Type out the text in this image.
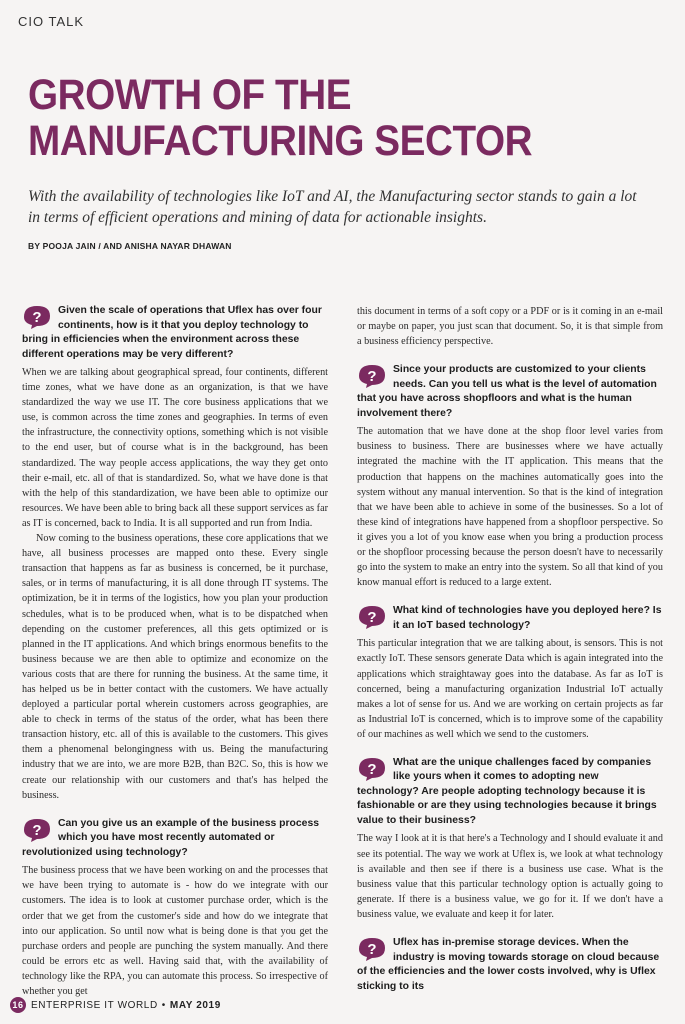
CIO TALK
GROWTH OF THE MANUFACTURING SECTOR
With the availability of technologies like IoT and AI, the Manufacturing sector stands to gain a lot in terms of efficient operations and mining of data for actionable insights.
BY POOJA JAIN / AND ANISHA NAYAR DHAWAN
? Given the scale of operations that Uflex has over four continents, how is it that you deploy technology to bring in efficiencies when the environment across these different operations may be very different?

When we are talking about geographical spread, four continents, different time zones, what we have done as an organization, is that we have standardized the way we use IT. The core business applications that we use, is common across the time zones and geographies. In terms of even the infrastructure, the connectivity options, something which is not visible to the end user, but of course what is in the background, has been standardized. The way people access applications, the way they get onto their e-mail, etc. all of that is standardized. So, what we have done is that with the help of this standardization, we have been able to optimize our resources. We have been able to bring back all these support services as far as IT is concerned, back to India. It is all supported and run from India.

Now coming to the business operations, these core applications that we have, all business processes are mapped onto these. Every single transaction that happens as far as business is concerned, be it purchase, sales, or in terms of manufacturing, it is all done through IT systems. The optimization, be it in terms of the logistics, how you plan your production schedules, what is to be produced when, what is to be dispatched when depending on the customer preferences, all this gets optimized or is planned in the IT applications. And which brings enormous benefits to the business because we are then able to optimize and economize on the various costs that are there for running the business. At the same time, it has helped us be in better contact with the customers. We have actually deployed a particular portal wherein customers across geographies, are able to check in terms of the status of the order, what has been there transaction history, etc. all of this is available to the customers. This gives them a phenomenal belongingness with us. Being the manufacturing industry that we are into, we are more B2B, than B2C. So, this is how we create our relationship with our customers and that's has helped the business.

? Can you give us an example of the business process which you have most recently automated or revolutionized using technology?

The business process that we have been working on and the processes that we have been trying to automate is - how do we integrate with our customers. The idea is to look at customer purchase order, which is the order that we get from the customer's side and how do we integrate that into our application. So until now what is being done is that you get the purchase orders and people are punching the system manually. And there could be errors etc as well. Having said that, with the availability of technology like the RPA, you can automate this process. So irrespective of whether you get

this document in terms of a soft copy or a PDF or is it coming in an e-mail or maybe on paper, you just scan that document. So, it is that simple from a business efficiency perspective.

? Since your products are customized to your clients needs. Can you tell us what is the level of automation that you have across shopfloors and what is the human involvement there?

The automation that we have done at the shop floor level varies from business to business. There are businesses where we have actually integrated the machine with the IT application. This means that the production that happens on the machines automatically goes into the system without any manual intervention. So that is the kind of integration that we have been able to achieve in some of the businesses. So a lot of these kind of integrations have happened from a shopfloor perspective. So it gives you a lot of you know ease when you bring a production process or the shopfloor processing because the person doesn't have to necessarily go into the system to make an entry into the system. So all that kind of you know manual effort is reduced to a large extent.

? What kind of technologies have you deployed here? Is it an IoT based technology?

This particular integration that we are talking about, is sensors. This is not exactly IoT. These sensors generate Data which is again integrated into the applications which straightaway goes into the database. As far as IoT is concerned, being a manufacturing organization Industrial IoT actually makes a lot of sense for us. And we are working on certain projects as far as Industrial IoT is concerned, which is to improve some of the capability of our machines as well which we send to the customers.

? What are the unique challenges faced by companies like yours when it comes to adopting new technology? Are people adopting technology because it is fashionable or are they using technologies because it brings value to their business?

The way I look at it is that here's a Technology and I should evaluate it and see its potential. The way we work at Uflex is, we look at what technology is available and then see if there is a business use case. What is the business value that this particular technology option is actually going to generate. If there is a business value, we go for it. If we don't have a business value, we evaluate and keep it for later.

? Uflex has in-premise storage devices. When the industry is moving towards storage on cloud because of the efficiencies and the lower costs involved, why is Uflex sticking to its
16 ENTERPRISE IT WORLD • MAY 2019
